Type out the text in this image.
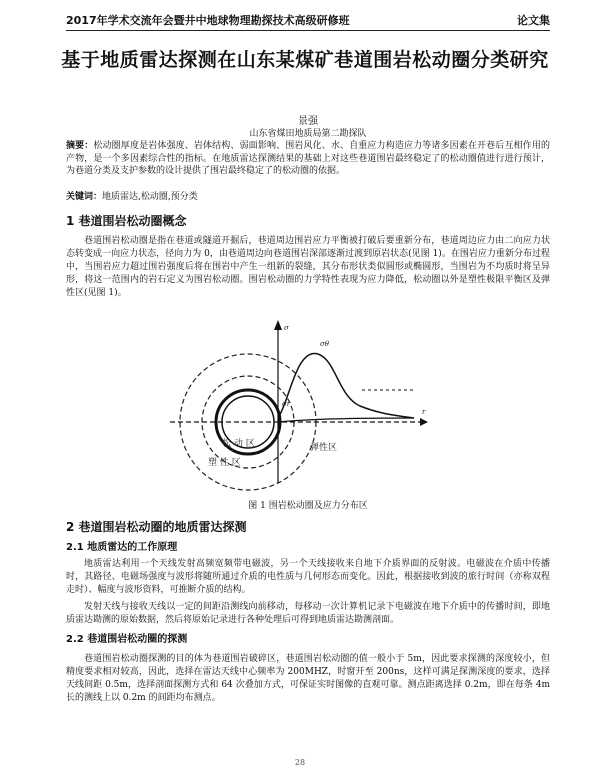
2017年学术交流年会暨井中地球物理勘探技术高级研修班	论文集
基于地质雷达探测在山东某煤矿巷道围岩松动圈分类研究
景强
山东省煤田地质局第二勘探队
摘要：松动圈厚度是岩体强度、岩体结构、弱面影响、围岩风化、水、自重应力构造应力等诸多因素在开巷后互相作用的产物，是一个多因素综合性的指标。在地质雷达探测结果的基础上对这些巷道围岩最终稳定了的松动圈值进行进行预计，为巷道分类及支护参数的设计提供了围岩最终稳定了的松动圈的依据。
关键词：地质雷达,松动圈,预分类
1 巷道围岩松动圈概念
巷道围岩松动圈是指在巷道或隧道开掘后，巷道周边围岩应力平衡被打破后要重新分布，巷道周边应力由二向应力状态转变成一向应力状态，径向力为 0，由巷道周边向巷道围岩深部逐渐过渡到原岩状态(见图 1)。在围岩应力重新分布过程中，当围岩应力超过围岩强度后将在围岩中产生一组新的裂缝，其分布形状类似圆形或椭圆形，当围岩为不均质时将呈异形，将这一范围内的岩石定义为围岩松动圈。围岩松动圈的力学特性表现为应力降低，松动圈以外是塑性极限平衡区及弹性区(见图 1)。
σ
σθ
σr
r
松 动 区
塑 性 区
弹性区
图 1 围岩松动圈及应力分布区
2 巷道围岩松动圈的地质雷达探测
2.1 地质雷达的工作原理
地质雷达利用一个天线发射高频宽频带电磁波，另一个天线接收来自地下介质界面的反射波。电磁波在介质中传播时，其路径、电磁场强度与波形将随所通过介质的电性质与几何形态而变化。因此，根据接收到波的旅行时间（亦称双程走时）、幅度与波形资料，可推断介质的结构。
发射天线与接收天线以一定的间距沿测线向前移动，每移动一次计算机记录下电磁波在地下介质中的传播时间，即地质雷达勘测的原始数据，然后将原始记录进行各种处理后可得到地质雷达勘测剖面。
2.2 巷道围岩松动圈的探测
巷道围岩松动圈探测的目的体为巷道围岩破碎区，巷道围岩松动圈的值一般小于 5m，因此要求探测的深度较小，但精度要求相对较高，因此，选择在雷达天线中心频率为 200MHZ，时窗开至 200ns，这样可满足探测深度的要求，选择天线间距 0.5m，选择剖面探测方式和 64 次叠加方式，可保证实时图像的直观可靠。测点距离选择 0.2m，即在每条 4m 长的测线上以 0.2m 的间距均布测点。
28
